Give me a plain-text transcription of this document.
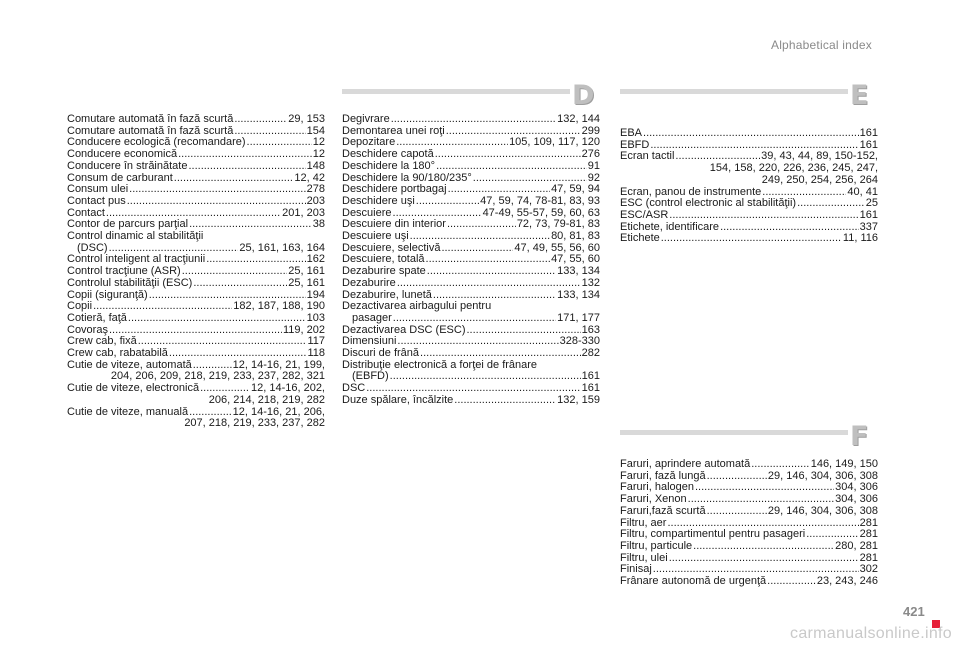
Alphabetical index
D	E
F
Comutare automată în fază scurtă .....	29, 153
Comutare automată în fază scurtă .....	154
Conducere ecologică (recomandare) .....	12
Conducere economică .....	12
Conducere în străinătate .....	148
Consum de carburant .....	12, 42
Consum ulei .....	278
Contact pus .....	203
Contact .....	201, 203
Contor de parcurs parţial .....	38
Control dinamic al stabilităţii
(DSC) .....	25, 161, 163, 164
Control inteligent al tracţiunii .....	162
Control tracţiune (ASR) .....	25, 161
Controlul stabilităţii (ESC) .....	25, 161
Copii (siguranţă) .....	194
Copii .....	182, 187, 188, 190
Cotieră, faţă .....	103
Covoraş .....	119, 202
Crew cab, fixă .....	117
Crew cab, rabatabilă .....	118
Cutie de viteze, automată .....	12, 14-16, 21, 199,
204, 206, 209, 218, 219, 233, 237, 282, 321
Cutie de viteze, electronică .....	12, 14-16, 202,
206, 214, 218, 219, 282
Cutie de viteze, manuală .....	12, 14-16, 21, 206,
207, 218, 219, 233, 237, 282
Degivrare .....	132, 144
Demontarea unei roţi .....	299
Depozitare .....	105, 109, 117, 120
Deschidere capotă .....	276
Deschidere la 180° .....	91
Deschidere la 90/180/235° .....	92
Deschidere portbagaj .....	47, 59, 94
Deschidere uşi .....	47, 59, 74, 78-81, 83, 93
Descuiere .....	47-49, 55-57, 59, 60, 63
Descuiere din interior .....	72, 73, 79-81, 83
Descuiere uşi .....	80, 81, 83
Descuiere, selectivă .....	47, 49, 55, 56, 60
Descuiere, totală .....	47, 55, 60
Dezaburire spate .....	133, 134
Dezaburire .....	132
Dezaburire, lunetă .....	133, 134
Dezactivarea airbagului pentru
pasager .....	171, 177
Dezactivarea DSC (ESC) .....	163
Dimensiuni .....	328-330
Discuri de frână .....	282
Distribuţie electronică a forţei de frânare
(EBFD) .....	161
DSC .....	161
Duze spălare, încălzite .....	132, 159
EBA .....	161
EBFD .....	161
Ecran tactil .....	39, 43, 44, 89, 150-152,
154, 158, 220, 226, 236, 245, 247,
249, 250, 254, 256, 264
Ecran, panou de instrumente .....	40, 41
ESC (control electronic al stabilităţii) .....	25
ESC/ASR .....	161
Etichete, identificare .....	337
Etichete .....	11, 116
Faruri, aprindere automată .....	146, 149, 150
Faruri, fază lungă .....	29, 146, 304, 306, 308
Faruri, halogen .....	304, 306
Faruri, Xenon .....	304, 306
Faruri,fază scurtă .....	29, 146, 304, 306, 308
Filtru, aer .....	281
Filtru, compartimentul pentru pasageri .....	281
Filtru, particule .....	280, 281
Filtru, ulei .....	281
Finisaj .....	302
Frânare autonomă de urgenţă .....	23, 243, 246
421
carmanualsonline.info
